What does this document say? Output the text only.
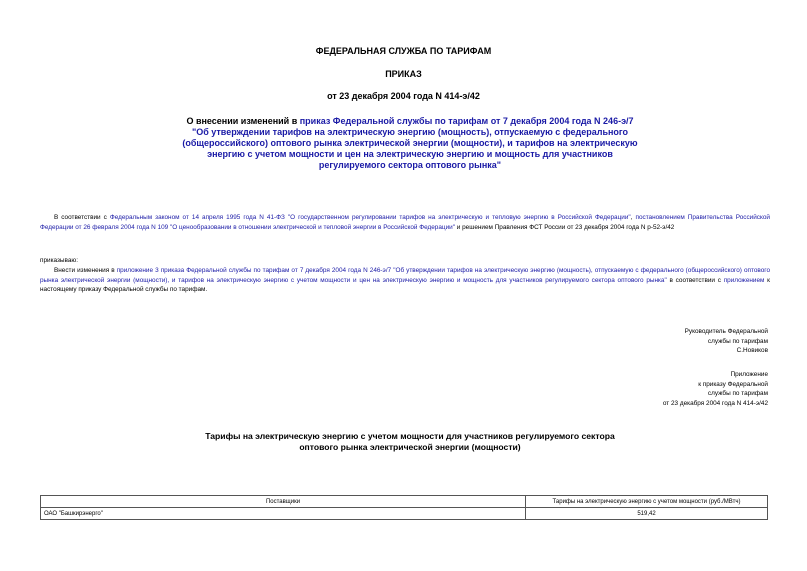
ФЕДЕРАЛЬНАЯ СЛУЖБА ПО ТАРИФАМ
ПРИКАЗ
от 23 декабря 2004 года N 414-э/42
О внесении изменений в приказ Федеральной службы по тарифам от 7 декабря 2004 года N 246-э/7 "Об утверждении тарифов на электрическую энергию (мощность), отпускаемую с федерального (общероссийского) оптового рынка электрической энергии (мощности), и тарифов на электрическую энергию с учетом мощности и цен на электрическую энергию и мощность для участников регулируемого сектора оптового рынка"
В соответствии с Федеральным законом от 14 апреля 1995 года N 41-ФЗ "О государственном регулировании тарифов на электрическую и тепловую энергию в Российской Федерации", постановлением Правительства Российской Федерации от 26 февраля 2004 года N 109 "О ценообразовании в отношении электрической и тепловой энергии в Российской Федерации" и решением Правления ФСТ России от 23 декабря 2004 года N р-52-э/42
приказываю:
Внести изменения в приложение 3 приказа Федеральной службы по тарифам от 7 декабря 2004 года N 246-э/7 "Об утверждении тарифов на электрическую энергию (мощность), отпускаемую с федерального (общероссийского) оптового рынка электрической энергии (мощности), и тарифов на электрическую энергию с учетом мощности и цен на электрическую энергию и мощность для участников регулируемого сектора оптового рынка" в соответствии с приложением к настоящему приказу Федеральной службы по тарифам.
Руководитель Федеральной
службы по тарифам
С.Новиков
Приложение
к приказу Федеральной
службы по тарифам
от 23 декабря 2004 года N 414-э/42
Тарифы на электрическую энергию с учетом мощности для участников регулируемого сектора оптового рынка электрической энергии (мощности)
Поставщики	Тарифы на электрическую энергию с учетом мощности (руб./МВтч)
ОАО "Башкирэнерго"	519,42
